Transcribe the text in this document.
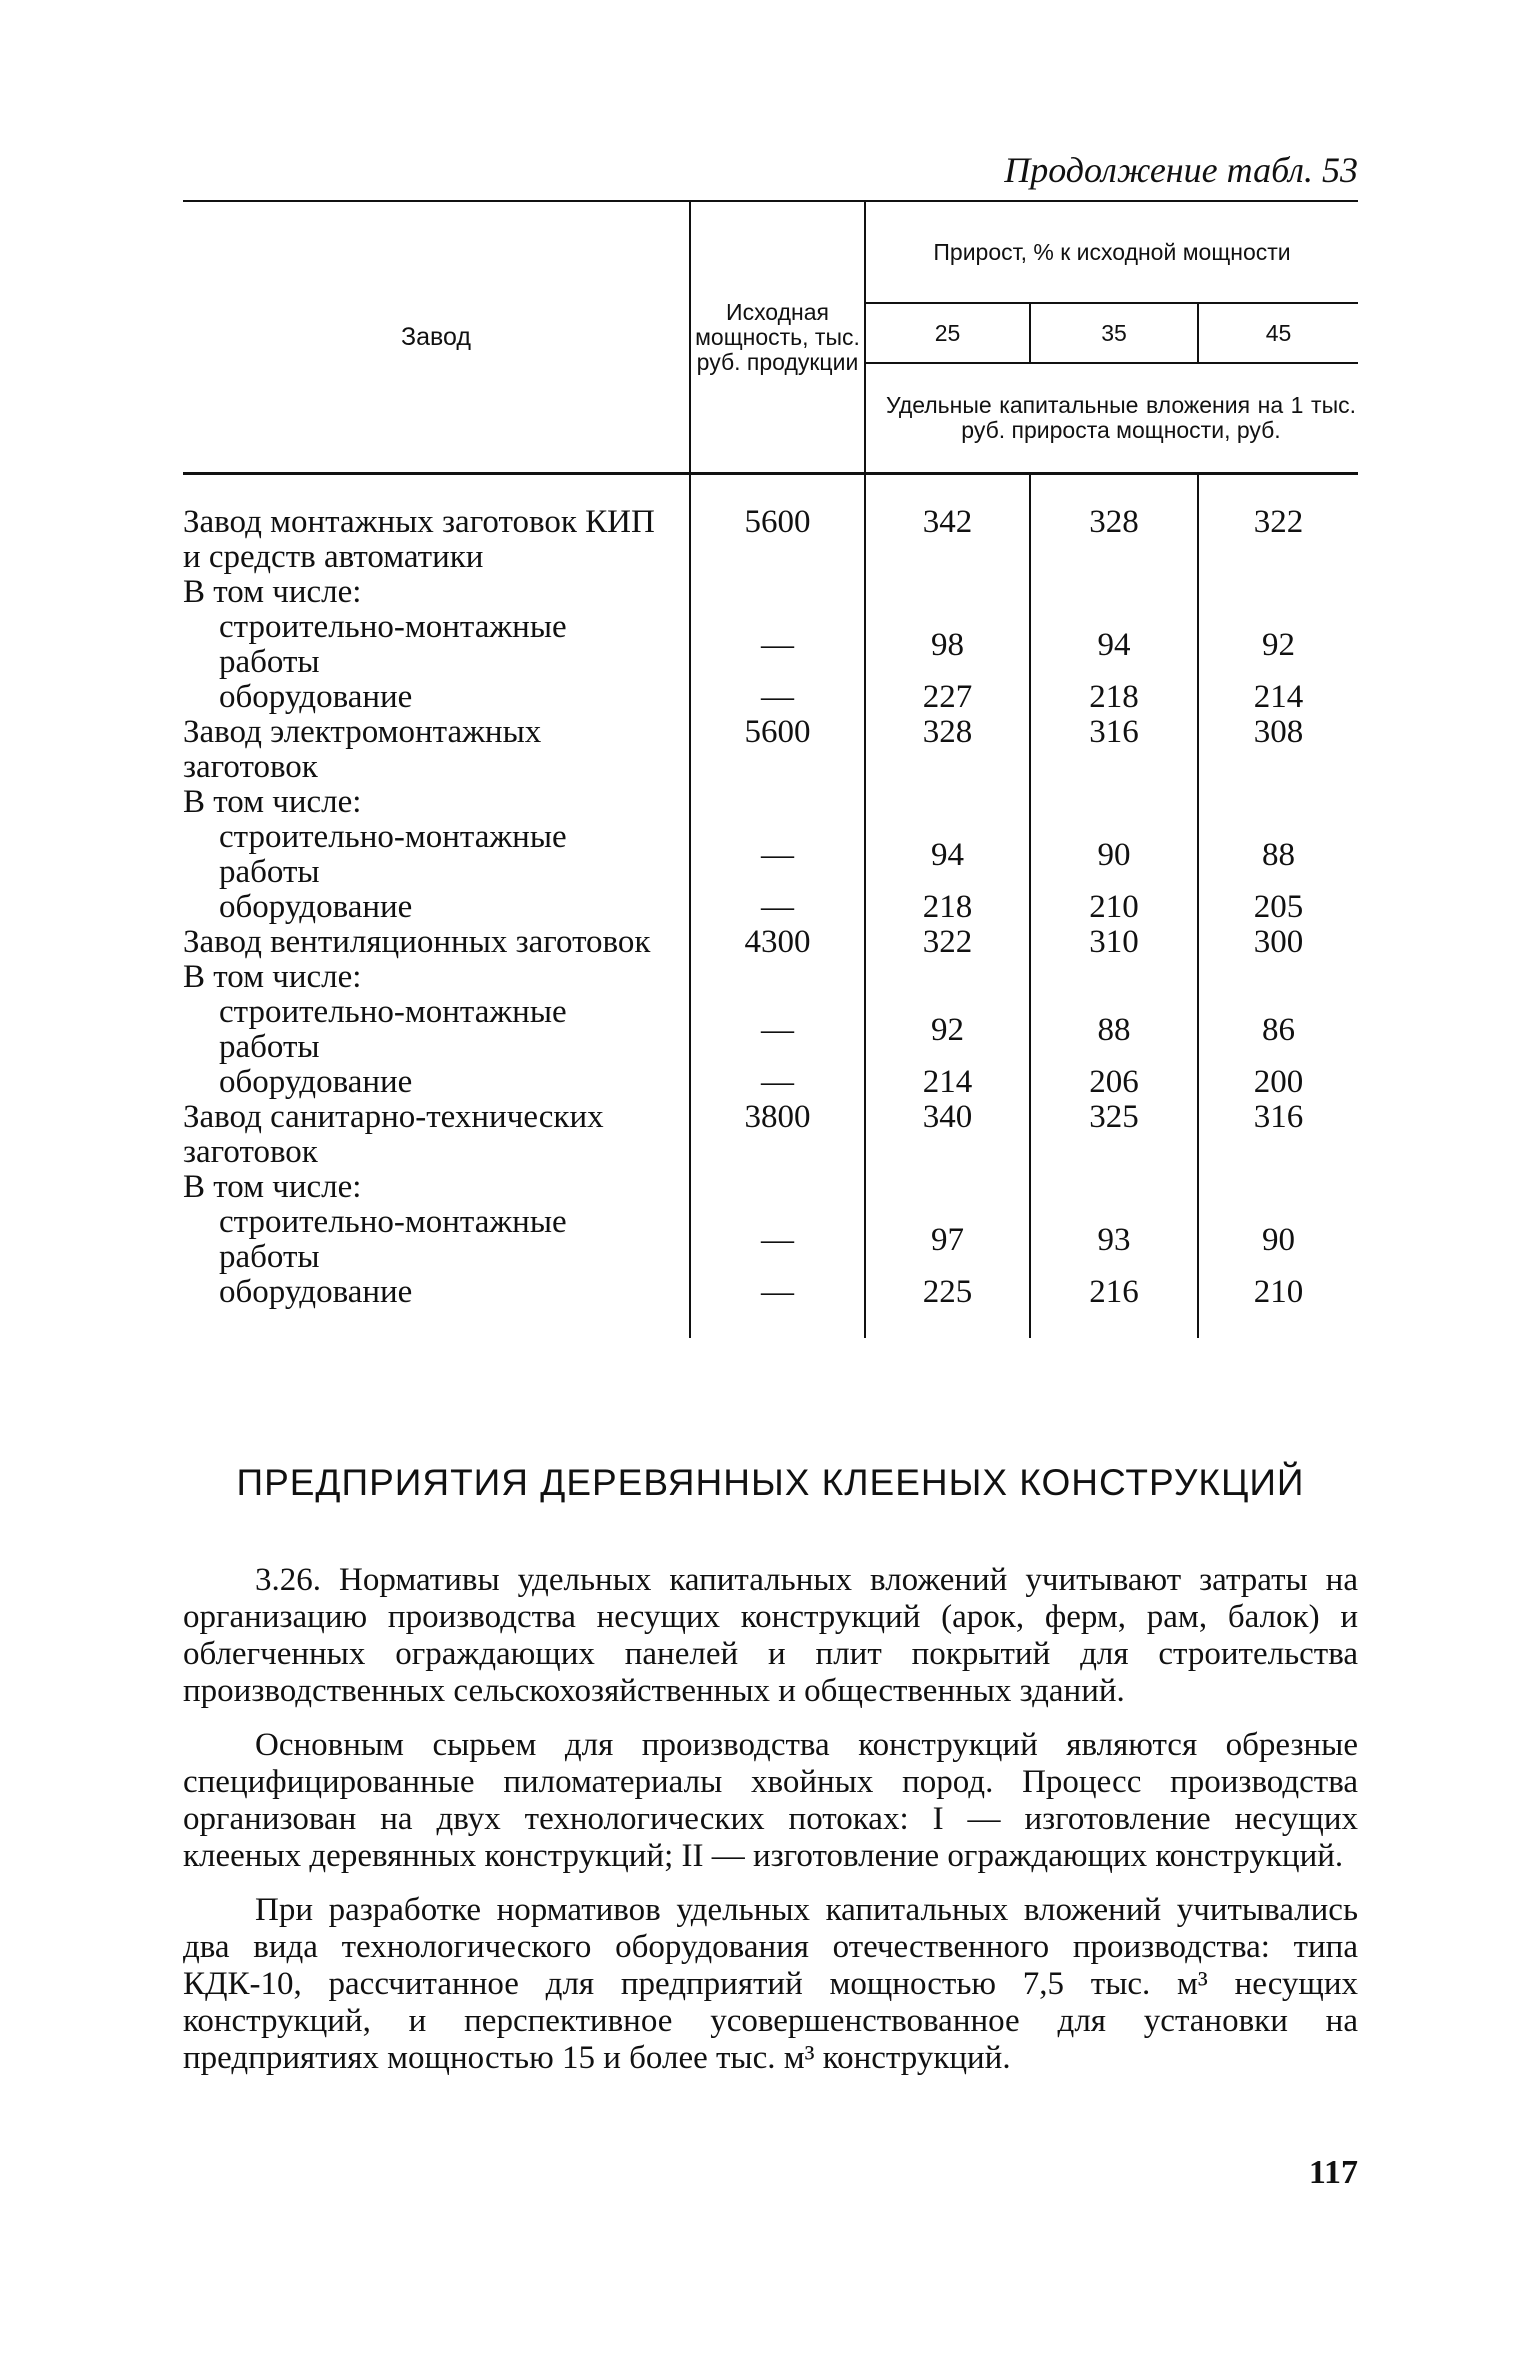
Продолжение табл. 53
Завод	Исходная мощность, тыс. руб. продукции	Прирост, % к исходной мощности		
		25	35	45
		Удельные капитальные вложения на 1 тыс. руб. прироста мощности, руб.		

Завод монтажных заготовок КИП и средств автоматики	5600	342	328	322

В том числе:				

строительно-монтажные работы	—	98	94	92

оборудование	—	227	218	214

Завод электромонтажных заготовок	5600	328	316	308

В том числе:				

строительно-монтажные работы	—	94	90	88

оборудование	—	218	210	205

Завод вентиляционных заготовок	4300	322	310	300

В том числе:				

строительно-монтажные работы	—	92	88	86

оборудование	—	214	206	200

Завод санитарно-технических заготовок	3800	340	325	316

В том числе:				

строительно-монтажные работы	—	97	93	90

оборудование	—	225	216	210
ПРЕДПРИЯТИЯ ДЕРЕВЯННЫХ КЛЕЕНЫХ КОНСТРУКЦИЙ

3.26. Нормативы удельных капитальных вложений учитывают затраты на организацию производства несущих конструкций (арок, ферм, рам, балок) и облегченных ограждающих панелей и плит покрытий для строительства производственных сельскохозяйственных и общественных зданий.

Основным сырьем для производства конструкций являются обрезные специфицированные пиломатериалы хвойных пород. Процесс производства организован на двух технологических потоках: I — изготовление несущих клееных деревянных конструкций; II — изготовление ограждающих конструкций.

При разработке нормативов удельных капитальных вложений учитывались два вида технологического оборудования отечественного производства: типа КДК-10, рассчитанное для предприятий мощностью 7,5 тыс. м³ несущих конструкций, и перспективное усовершенствованное для установки на предприятиях мощностью 15 и более тыс. м³ конструкций.

117
